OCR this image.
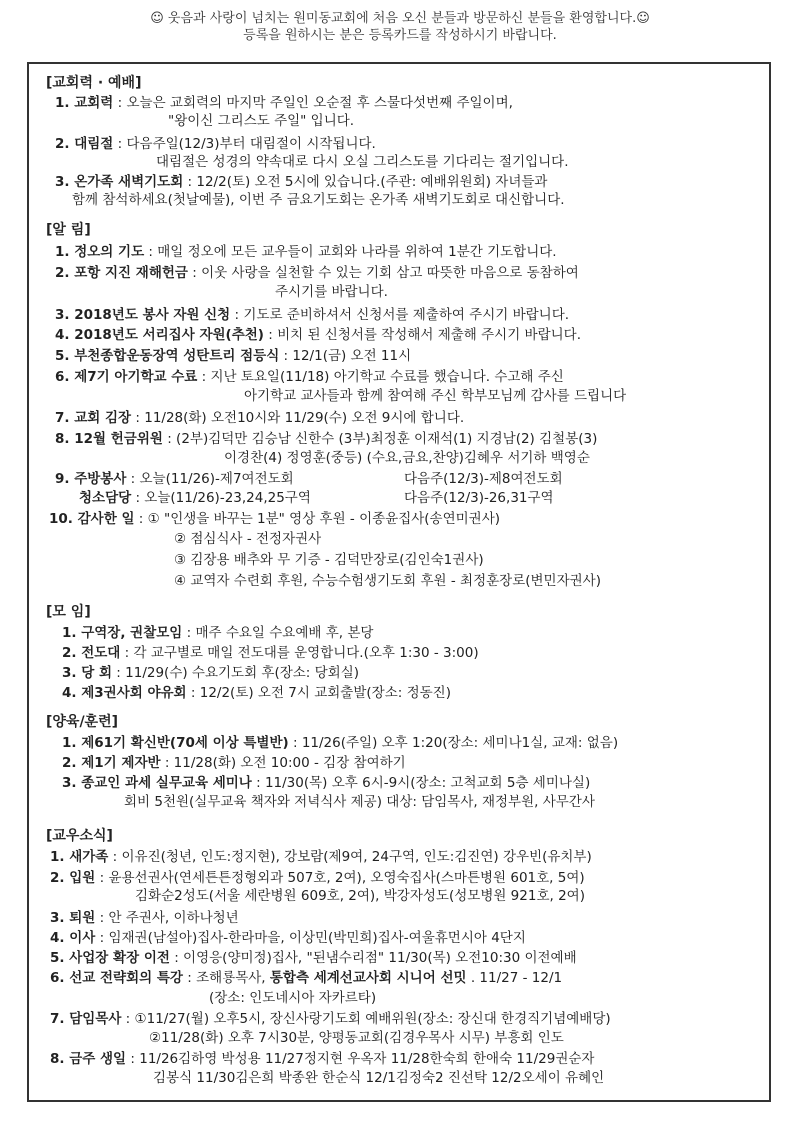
☺ 웃음과 사랑이 넘치는 원미동교회에 처음 오신 분들과 방문하신 분들을 환영합니다.☺
등록을 원하시는 분은 등록카드를 작성하시기 바랍니다.
[교회력 · 예배]
1. 교회력 : 오늘은 교회력의 마지막 주일인 오순절 후 스물다섯번째 주일이며,
"왕이신 그리스도 주일" 입니다.
2. 대림절 : 다음주일(12/3)부터 대림절이 시작됩니다.
대림절은 성경의 약속대로 다시 오실 그리스도를 기다리는 절기입니다.
3. 온가족 새벽기도회 : 12/2(토) 오전 5시에 있습니다.(주관: 예배위원회) 자녀들과
함께 참석하세요(첫날예물), 이번 주 금요기도회는 온가족 새벽기도회로 대신합니다.
[알 림]
1. 정오의 기도 : 매일 정오에 모든 교우들이 교회와 나라를 위하여 1분간 기도합니다.
2. 포항 지진 재해헌금 : 이웃 사랑을 실천할 수 있는 기회 삼고 따뜻한 마음으로 동참하여
주시기를 바랍니다.
3. 2018년도 봉사 자원 신청 : 기도로 준비하셔서 신청서를 제출하여 주시기 바랍니다.
4. 2018년도 서리집사 자원(추천) : 비치 된 신청서를 작성해서 제출해 주시기 바랍니다.
5. 부천종합운동장역 성탄트리 점등식 : 12/1(금) 오전 11시
6. 제7기 아기학교 수료 : 지난 토요일(11/18) 아기학교 수료를 했습니다. 수고해 주신
아기학교 교사들과 함께 참여해 주신 학부모님께 감사를 드립니다
7. 교회 김장 : 11/28(화) 오전10시와 11/29(수) 오전 9시에 합니다.
8. 12월 헌금위원 : (2부)김덕만 김승남 신한수 (3부)최정훈 이재석(1) 지경남(2) 김철봉(3)
이경찬(4) 정영훈(중등) (수요,금요,찬양)김혜우 서기하 백영순
9. 주방봉사 : 오늘(11/26)-제7여전도회	다음주(12/3)-제8여전도회
청소담당 : 오늘(11/26)-23,24,25구역	다음주(12/3)-26,31구역
10. 감사한 일 : ① "인생을 바꾸는 1분" 영상 후원 - 이종윤집사(송연미권사)
② 점심식사 - 전정자권사
③ 김장용 배추와 무 기증 - 김덕만장로(김인숙1권사)
④ 교역자 수련회 후원, 수능수험생기도회 후원 - 최정훈장로(변민자권사)
[모 임]
1. 구역장, 권찰모임 : 매주 수요일 수요예배 후, 본당
2. 전도대 : 각 교구별로 매일 전도대를 운영합니다.(오후 1:30 - 3:00)
3. 당 회 : 11/29(수) 수요기도회 후(장소: 당회실)
4. 제3권사회 야유회 : 12/2(토) 오전 7시 교회출발(장소: 정동진)
[양육/훈련]
1. 제61기 확신반(70세 이상 특별반) : 11/26(주일) 오후 1:20(장소: 세미나1실, 교재: 없음)
2. 제1기 제자반 : 11/28(화) 오전 10:00 - 김장 참여하기
3. 종교인 과세 실무교육 세미나 : 11/30(목) 오후 6시-9시(장소: 고척교회 5층 세미나실)
회비 5천원(실무교육 책자와 저녁식사 제공) 대상: 담임목사, 재정부원, 사무간사
[교우소식]
1. 새가족 : 이유진(청년, 인도:정지현), 강보람(제9여, 24구역, 인도:김진연) 강우빈(유치부)
2. 입원 : 윤용선권사(연세튼튼정형외과 507호, 2여), 오영숙집사(스마튼병원 601호, 5여)
김화순2성도(서울 세란병원 609호, 2여), 박강자성도(성모병원 921호, 2여)
3. 퇴원 : 안 주권사, 이하나청년
4. 이사 : 임재권(남설아)집사-한라마을, 이상민(박민희)집사-여울휴먼시아 4단지
5. 사업장 확장 이전 : 이영응(양미정)집사, "된냄수리점" 11/30(목) 오전10:30 이전예배
6. 선교 전략회의 특강 : 조해룡목사, 통합측 세계선교사회 시니어 선밋 . 11/27 - 12/1
(장소: 인도네시아 자카르타)
7. 담임목사 : ①11/27(월) 오후5시, 장신사랑기도회 예배위원(장소: 장신대 한경직기념예배당)
②11/28(화) 오후 7시30분, 양평동교회(김경우목사 시무) 부흥회 인도
8. 금주 생일 : 11/26김하영 박성용 11/27정지현 우옥자 11/28한숙희 한애숙 11/29권순자
김봉식 11/30김은희 박종완 한순식 12/1김정숙2 진선탁 12/2오세이 유혜인
